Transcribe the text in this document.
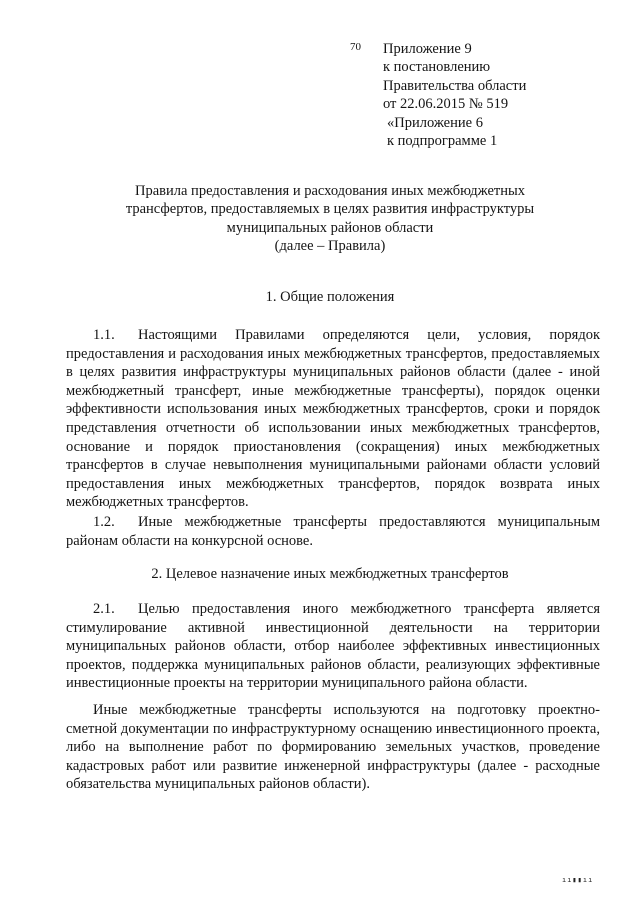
70 Приложение 9
к постановлению
Правительства области
от 22.06.2015 № 519
«Приложение 6
к подпрограмме 1
Правила предоставления и расходования иных межбюджетных
трансфертов, предоставляемых в целях развития инфраструктуры
муниципальных районов области
(далее – Правила)
1. Общие положения

1.1. Настоящими Правилами определяются цели, условия, порядок предоставления и расходования иных межбюджетных трансфертов, предоставляемых в целях развития инфраструктуры муниципальных районов области (далее - иной межбюджетный трансферт, иные межбюджетные трансферты), порядок оценки эффективности использования иных межбюджетных трансфертов, сроки и порядок представления отчетности об использовании иных межбюджетных трансфертов, основание и порядок приостановления (сокращения) иных межбюджетных трансфертов в случае невыполнения муниципальными районами области условий предоставления иных межбюджетных трансфертов, порядок возврата иных межбюджетных трансфертов.

1.2. Иные межбюджетные трансферты предоставляются муниципальным районам области на конкурсной основе.

2. Целевое назначение иных межбюджетных трансфертов

2.1. Целью предоставления иного межбюджетного трансферта является стимулирование активной инвестиционной деятельности на территории муниципальных районов области, отбор наиболее эффективных инвестиционных проектов, поддержка муниципальных районов области, реализующих эффективные инвестиционные проекты на территории муниципального района области.

Иные межбюджетные трансферты используются на подготовку проектно-сметной документации по инфраструктурному оснащению инвестиционного проекта, либо на выполнение работ по формированию земельных участков, проведение кадастровых работ или развитие инженерной инфраструктуры (далее - расходные обязательства муниципальных районов области).

ıı▮▮ıı
